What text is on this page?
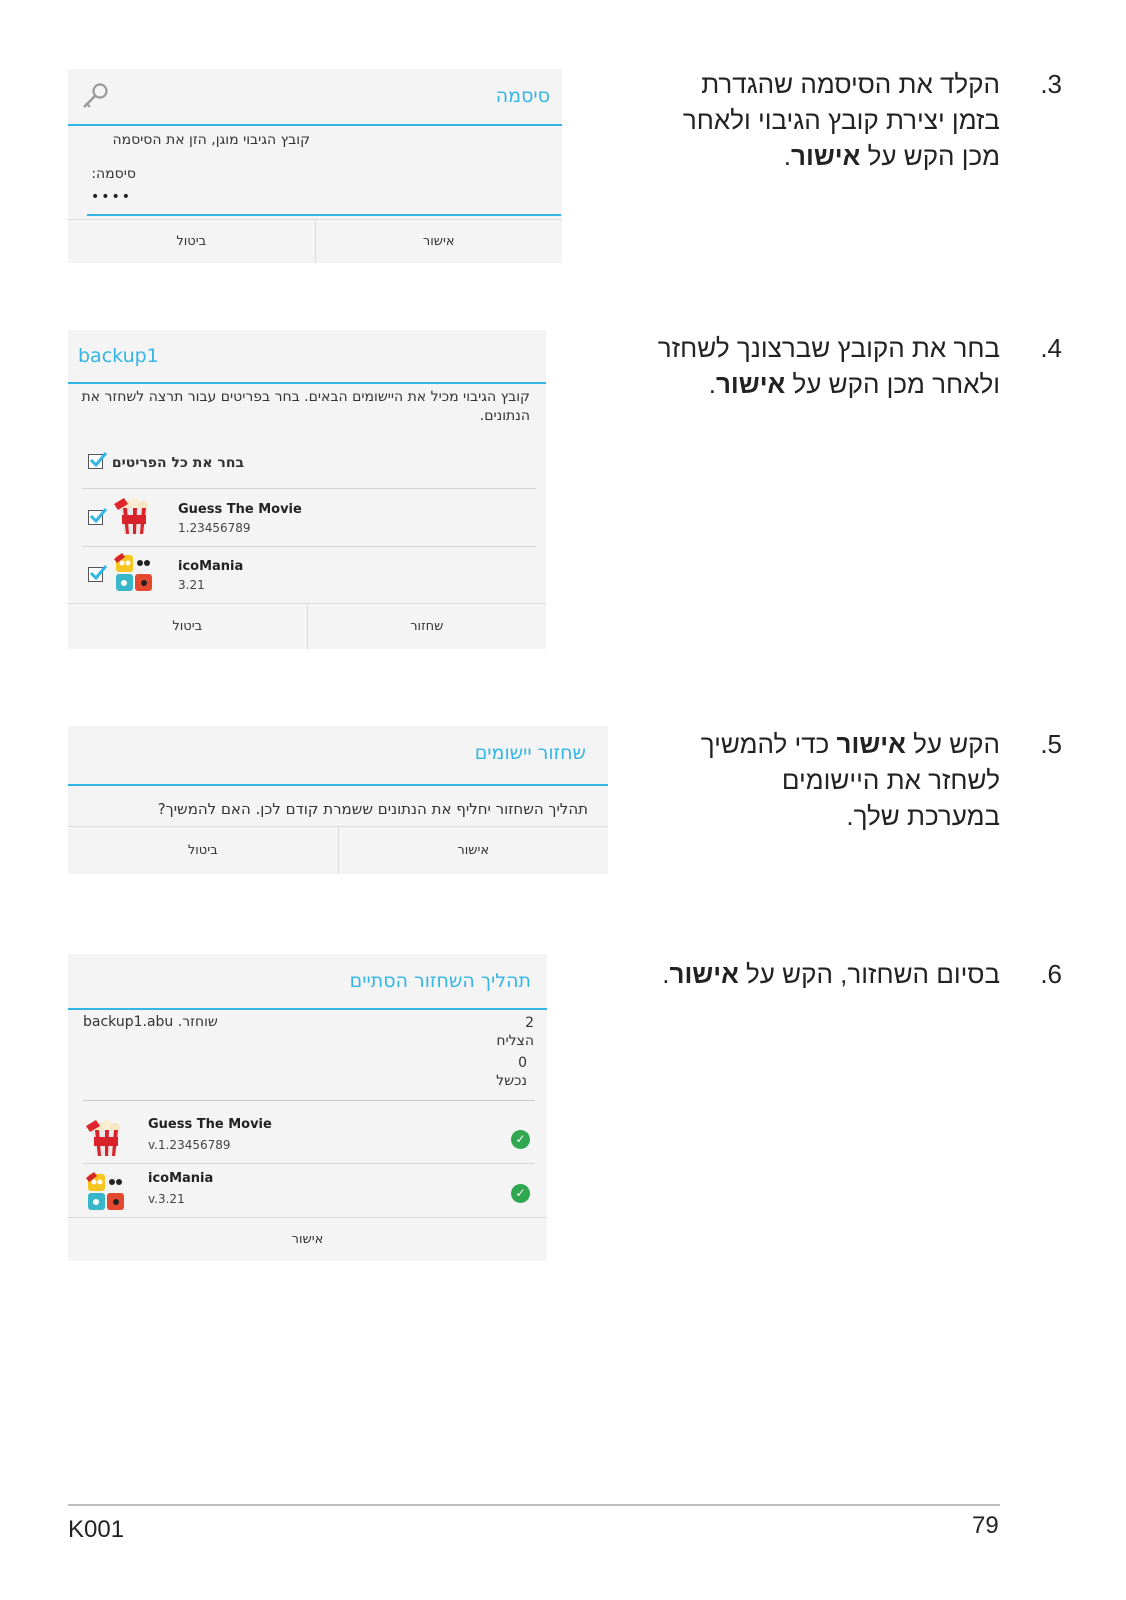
.3
הקלד את הסיסמה שהגדרת
בזמן יצירת קובץ הגיבוי ולאחר
מכן הקש על אישור.
סיסמה
קובץ הגיבוי מוגן, הזן את הסיסמה
סיסמה:
••••
ביטול	אישור
.4
בחר את הקובץ שברצונך לשחזר
ולאחר מכן הקש על אישור.
backup1
קובץ הגיבוי מכיל את היישומים הבאים. בחר בפריטים עבור תרצה לשחזר את הנתונים.
בחר את כל הפריטים
Guess The Movie
1.23456789
icoMania
3.21
ביטול	שחזור
.5
הקש על אישור כדי להמשיך
לשחזר את היישומים
במערכת שלך.
שחזור יישומים
תהליך השחזור יחליף את הנתונים ששמרת קודם לכן. האם להמשיך?
ביטול	אישור
.6
בסיום השחזור, הקש על אישור.
תהליך השחזור הסתיים
backup1.abu שוחזר.	2
הצליח
0
נכשל
Guess The Movie
v.1.23456789	✓
icoMania
v.3.21	✓
אישור
K001	79
